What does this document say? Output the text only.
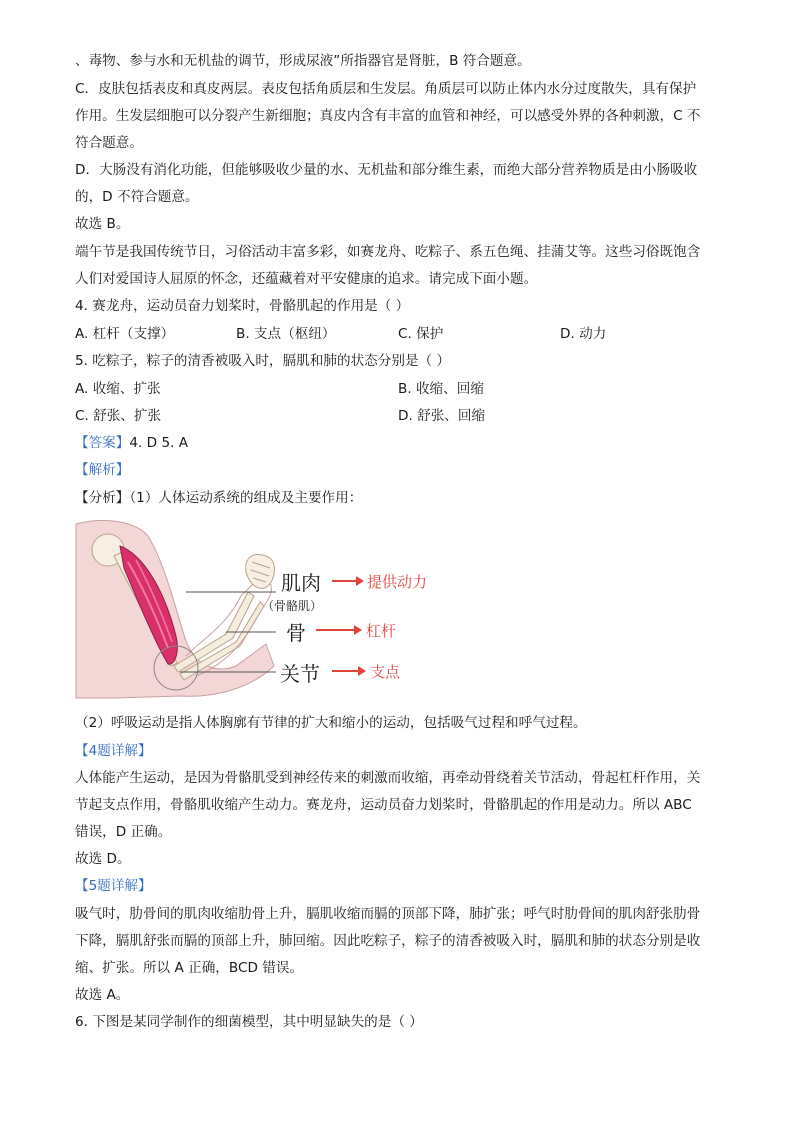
、毒物、参与水和无机盐的调节，形成尿液”所指器官是肾脏，B 符合题意。
C．皮肤包括表皮和真皮两层。表皮包括角质层和生发层。角质层可以防止体内水分过度散失，具有保护
作用。生发层细胞可以分裂产生新细胞；真皮内含有丰富的血管和神经，可以感受外界的各种刺激，C 不
符合题意。
D．大肠没有消化功能，但能够吸收少量的水、无机盐和部分维生素，而绝大部分营养物质是由小肠吸收
的，D 不符合题意。
故选 B。
端午节是我国传统节日，习俗活动丰富多彩，如赛龙舟、吃粽子、系五色绳、挂蒲艾等。这些习俗既饱含
人们对爱国诗人屈原的怀念，还蕴藏着对平安健康的追求。请完成下面小题。
4. 赛龙舟，运动员奋力划桨时，骨骼肌起的作用是（ ）
A. 杠杆（支撑）	B. 支点（枢纽）	C. 保护	D. 动力
5. 吃粽子，粽子的清香被吸入时，膈肌和肺的状态分别是（ ）
A. 收缩、扩张	B. 收缩、回缩
C. 舒张、扩张	D. 舒张、回缩
【答案】4. D 5. A
【解析】
【分析】（1）人体运动系统的组成及主要作用：
肌肉
（骨骼肌）
骨
关节
提供动力
杠杆
支点
（2）呼吸运动是指人体胸廓有节律的扩大和缩小的运动，包括吸气过程和呼气过程。
【4题详解】
人体能产生运动，是因为骨骼肌受到神经传来的刺激而收缩，再牵动骨绕着关节活动，骨起杠杆作用，关
节起支点作用，骨骼肌收缩产生动力。赛龙舟，运动员奋力划桨时，骨骼肌起的作用是动力。所以 ABC
错误，D 正确。
故选 D。
【5题详解】
吸气时，肋骨间的肌肉收缩肋骨上升，膈肌收缩而膈的顶部下降，肺扩张；呼气时肋骨间的肌肉舒张肋骨
下降，膈肌舒张而膈的顶部上升，肺回缩。因此吃粽子，粽子的清香被吸入时，膈肌和肺的状态分别是收
缩、扩张。所以 A 正确，BCD 错误。
故选 A。
6. 下图是某同学制作的细菌模型，其中明显缺失的是（ ）
